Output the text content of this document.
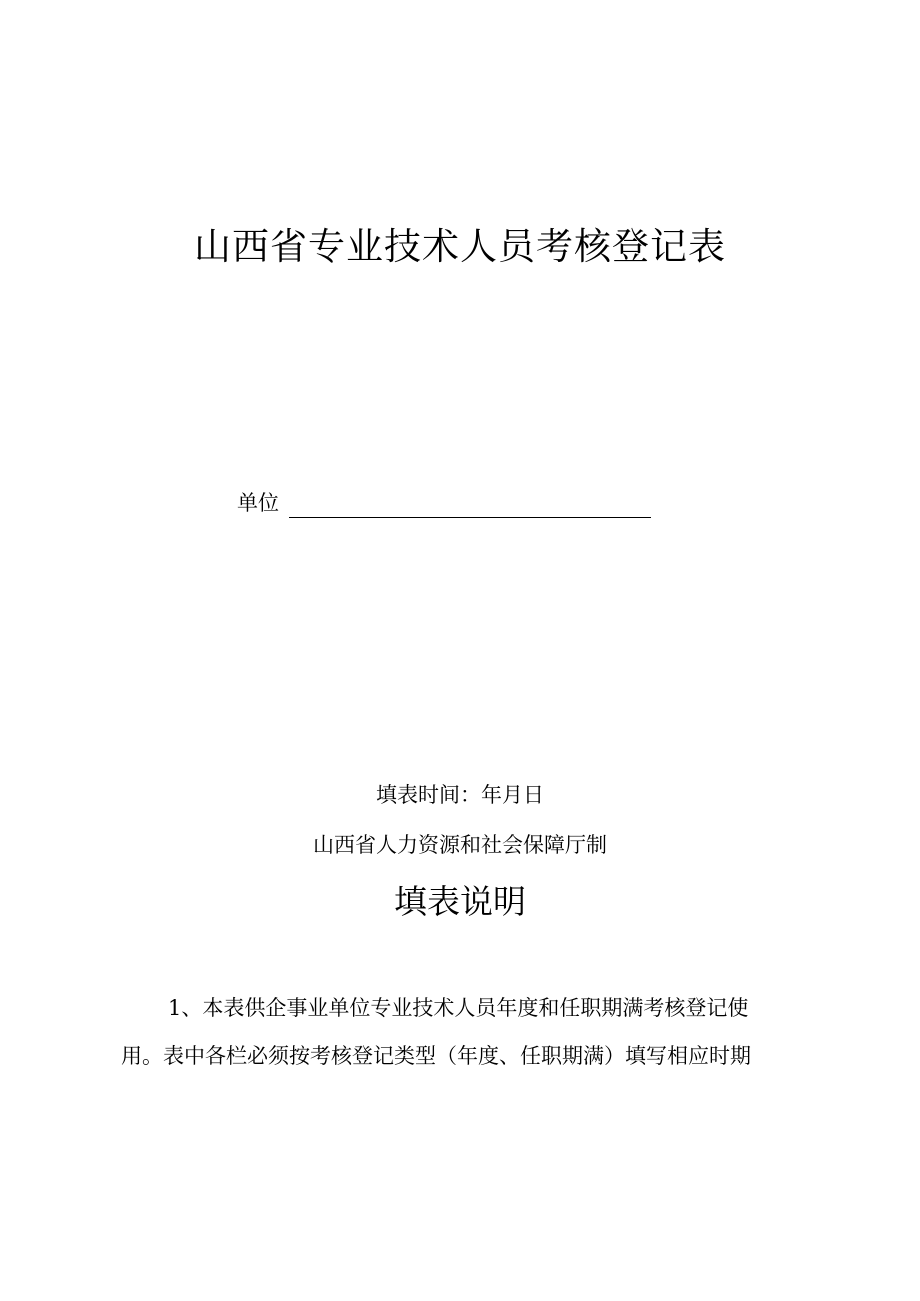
山西省专业技术人员考核登记表
单位
填表时间：年月日
山西省人力资源和社会保障厅制
填表说明
1、本表供企事业单位专业技术人员年度和任职期满考核登记使
用。表中各栏必须按考核登记类型（年度、任职期满）填写相应时期
